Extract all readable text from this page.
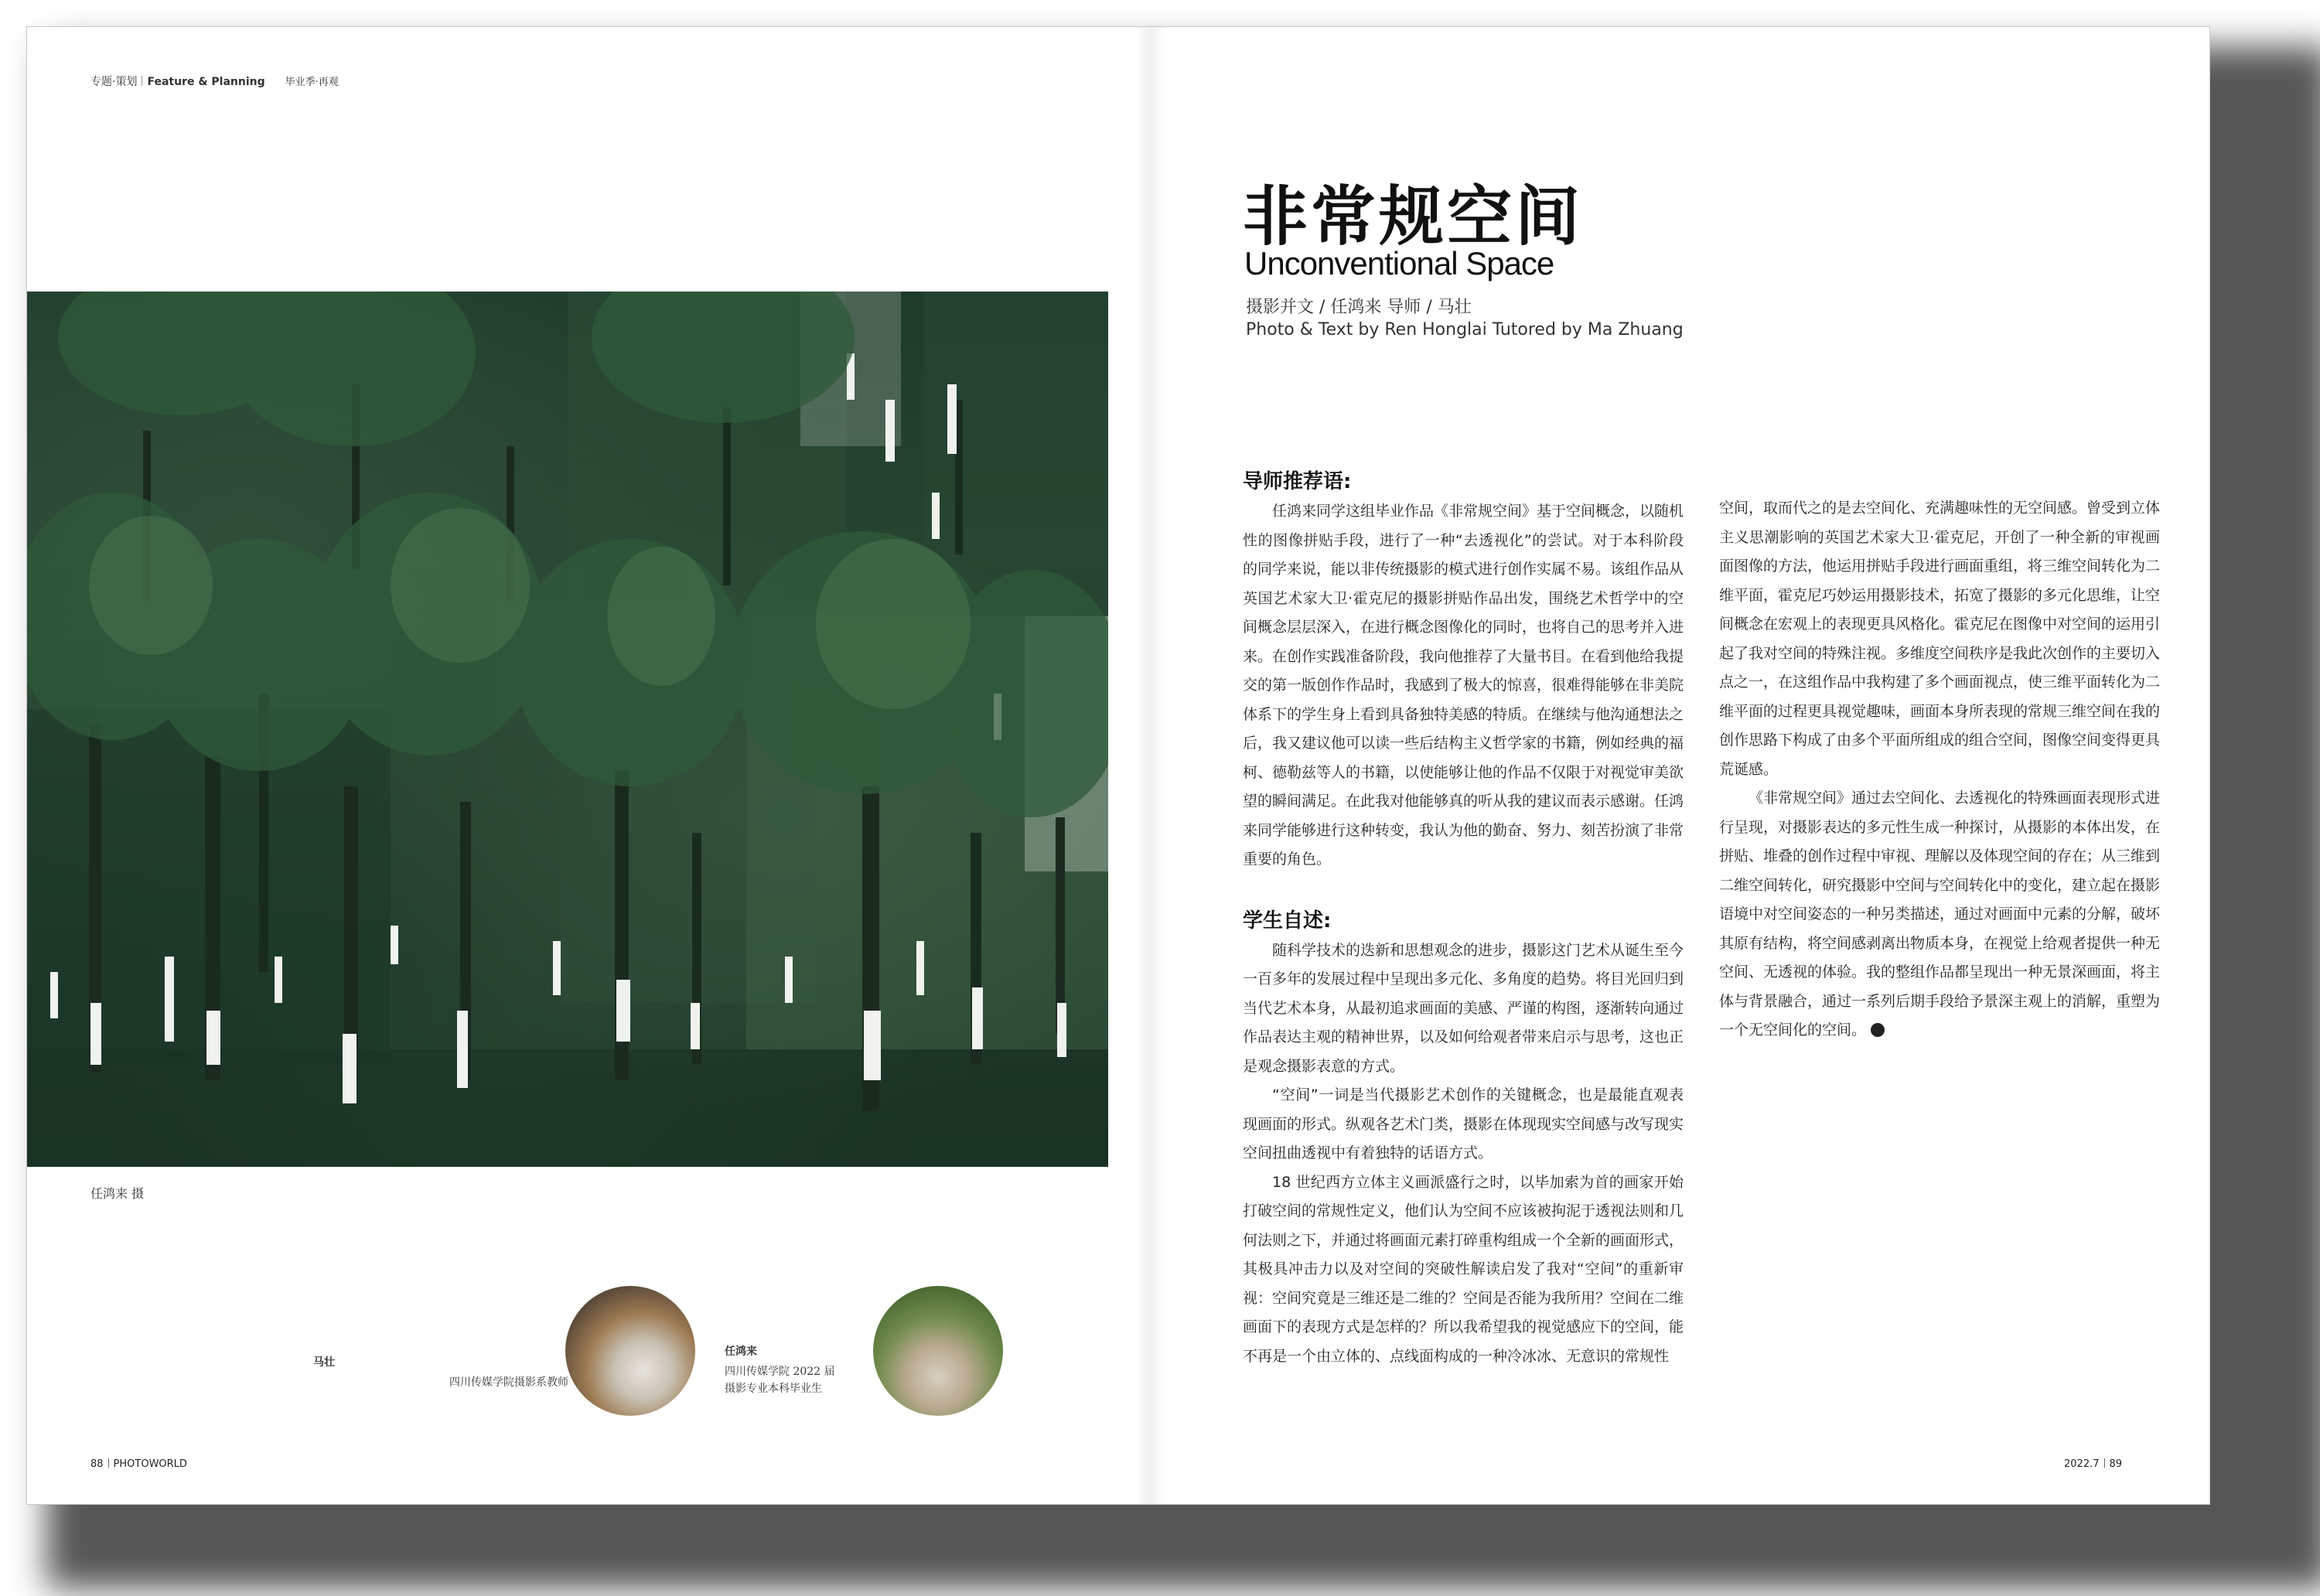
专题·策划 Feature & Planning 毕业季·再观
任鸿来 摄
马壮
四川传媒学院摄影系教师
任鸿来
四川传媒学院 2022 届
摄影专业本科毕业生
88 PHOTOWORLD	2022.7 89
非常规空间
Unconventional Space
摄影并文 / 任鸿来 导师 / 马壮
Photo & Text by Ren Honglai Tutored by Ma Zhuang
导师推荐语:

任鸿来同学这组毕业作品《非常规空间》基于空间概念，以随机性的图像拼贴手段，进行了一种“去透视化”的尝试。对于本科阶段的同学来说，能以非传统摄影的模式进行创作实属不易。该组作品从英国艺术家大卫·霍克尼的摄影拼贴作品出发，围绕艺术哲学中的空间概念层层深入，在进行概念图像化的同时，也将自己的思考并入进来。在创作实践准备阶段，我向他推荐了大量书目。在看到他给我提交的第一版创作作品时，我感到了极大的惊喜，很难得能够在非美院体系下的学生身上看到具备独特美感的特质。在继续与他沟通想法之后，我又建议他可以读一些后结构主义哲学家的书籍，例如经典的福柯、德勒兹等人的书籍，以使能够让他的作品不仅限于对视觉审美欲望的瞬间满足。在此我对他能够真的听从我的建议而表示感谢。任鸿来同学能够进行这种转变，我认为他的勤奋、努力、刻苦扮演了非常重要的角色。

学生自述:

随科学技术的迭新和思想观念的进步，摄影这门艺术从诞生至今一百多年的发展过程中呈现出多元化、多角度的趋势。将目光回归到当代艺术本身，从最初追求画面的美感、严谨的构图，逐渐转向通过作品表达主观的精神世界，以及如何给观者带来启示与思考，这也正是观念摄影表意的方式。

“空间”一词是当代摄影艺术创作的关键概念，也是最能直观表现画面的形式。纵观各艺术门类，摄影在体现现实空间感与改写现实空间扭曲透视中有着独特的话语方式。

18 世纪西方立体主义画派盛行之时，以毕加索为首的画家开始打破空间的常规性定义，他们认为空间不应该被拘泥于透视法则和几何法则之下，并通过将画面元素打碎重构组成一个全新的画面形式，其极具冲击力以及对空间的突破性解读启发了我对“空间”的重新审视：空间究竟是三维还是二维的？空间是否能为我所用？空间在二维画面下的表现方式是怎样的？所以我希望我的视觉感应下的空间，能不再是一个由立体的、点线面构成的一种冷冰冰、无意识的常规性

空间，取而代之的是去空间化、充满趣味性的无空间感。曾受到立体主义思潮影响的英国艺术家大卫·霍克尼，开创了一种全新的审视画面图像的方法，他运用拼贴手段进行画面重组，将三维空间转化为二维平面，霍克尼巧妙运用摄影技术，拓宽了摄影的多元化思维，让空间概念在宏观上的表现更具风格化。霍克尼在图像中对空间的运用引起了我对空间的特殊注视。多维度空间秩序是我此次创作的主要切入点之一，在这组作品中我构建了多个画面视点，使三维平面转化为二维平面的过程更具视觉趣味，画面本身所表现的常规三维空间在我的创作思路下构成了由多个平面所组成的组合空间，图像空间变得更具荒诞感。

《非常规空间》通过去空间化、去透视化的特殊画面表现形式进行呈现，对摄影表达的多元性生成一种探讨，从摄影的本体出发，在拼贴、堆叠的创作过程中审视、理解以及体现空间的存在；从三维到二维空间转化，研究摄影中空间与空间转化中的变化，建立起在摄影语境中对空间姿态的一种另类描述，通过对画面中元素的分解，破坏其原有结构，将空间感剥离出物质本身，在视觉上给观者提供一种无空间、无透视的体验。我的整组作品都呈现出一种无景深画面，将主体与背景融合，通过一系列后期手段给予景深主观上的消解，重塑为一个无空间化的空间。
